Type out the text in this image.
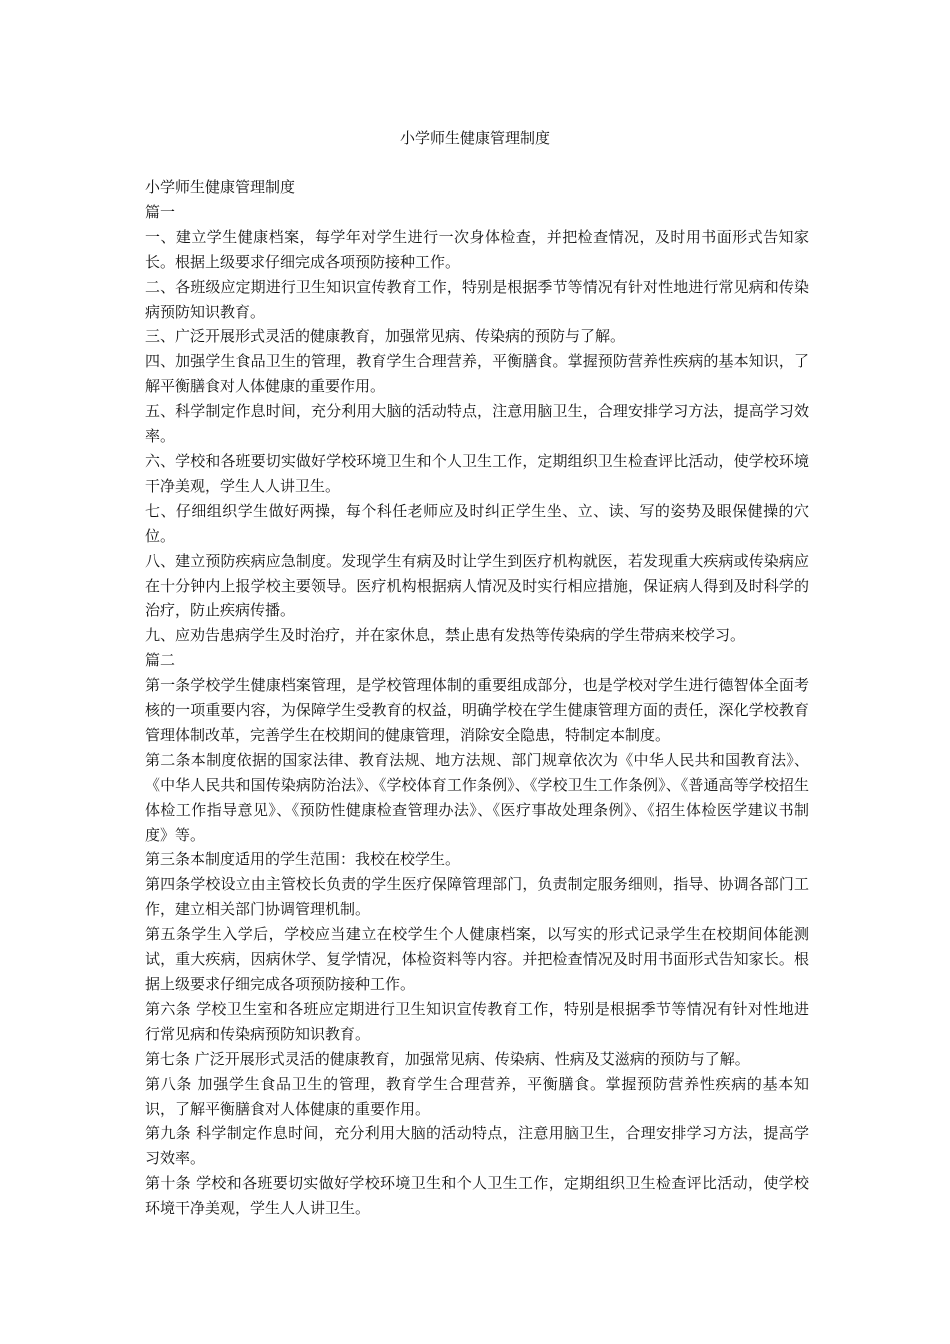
小学师生健康管理制度

小学师生健康管理制度

篇一

一、建立学生健康档案，每学年对学生进行一次身体检查，并把检查情况，及时用书面形式告知家长。根据上级要求仔细完成各项预防接种工作。

二、各班级应定期进行卫生知识宣传教育工作，特别是根据季节等情况有针对性地进行常见病和传染病预防知识教育。

三、广泛开展形式灵活的健康教育，加强常见病、传染病的预防与了解。

四、加强学生食品卫生的管理，教育学生合理营养，平衡膳食。掌握预防营养性疾病的基本知识，了解平衡膳食对人体健康的重要作用。

五、科学制定作息时间，充分利用大脑的活动特点，注意用脑卫生，合理安排学习方法，提高学习效率。

六、学校和各班要切实做好学校环境卫生和个人卫生工作，定期组织卫生检查评比活动，使学校环境干净美观，学生人人讲卫生。

七、仔细组织学生做好两操，每个科任老师应及时纠正学生坐、立、读、写的姿势及眼保健操的穴位。

八、建立预防疾病应急制度。发现学生有病及时让学生到医疗机构就医，若发现重大疾病或传染病应在十分钟内上报学校主要领导。医疗机构根据病人情况及时实行相应措施，保证病人得到及时科学的治疗，防止疾病传播。

九、应劝告患病学生及时治疗，并在家休息，禁止患有发热等传染病的学生带病来校学习。

篇二

第一条学校学生健康档案管理，是学校管理体制的重要组成部分，也是学校对学生进行德智体全面考核的一项重要内容，为保障学生受教育的权益，明确学校在学生健康管理方面的责任，深化学校教育管理体制改革，完善学生在校期间的健康管理，消除安全隐患，特制定本制度。

第二条本制度依据的国家法律、教育法规、地方法规、部门规章依次为《中华人民共和国教育法》、《中华人民共和国传染病防治法》、《学校体育工作条例》、《学校卫生工作条例》、《普通高等学校招生体检工作指导意见》、《预防性健康检查管理办法》、《医疗事故处理条例》、《招生体检医学建议书制度》等。

第三条本制度适用的学生范围：我校在校学生。

第四条学校设立由主管校长负责的学生医疗保障管理部门，负责制定服务细则，指导、协调各部门工作，建立相关部门协调管理机制。

第五条学生入学后，学校应当建立在校学生个人健康档案，以写实的形式记录学生在校期间体能测试，重大疾病，因病休学、复学情况，体检资料等内容。并把检查情况及时用书面形式告知家长。根据上级要求仔细完成各项预防接种工作。

第六条 学校卫生室和各班应定期进行卫生知识宣传教育工作，特别是根据季节等情况有针对性地进行常见病和传染病预防知识教育。

第七条 广泛开展形式灵活的健康教育，加强常见病、传染病、性病及艾滋病的预防与了解。

第八条 加强学生食品卫生的管理，教育学生合理营养，平衡膳食。掌握预防营养性疾病的基本知识，了解平衡膳食对人体健康的重要作用。

第九条 科学制定作息时间，充分利用大脑的活动特点，注意用脑卫生，合理安排学习方法，提高学习效率。

第十条 学校和各班要切实做好学校环境卫生和个人卫生工作，定期组织卫生检查评比活动，使学校环境干净美观，学生人人讲卫生。
